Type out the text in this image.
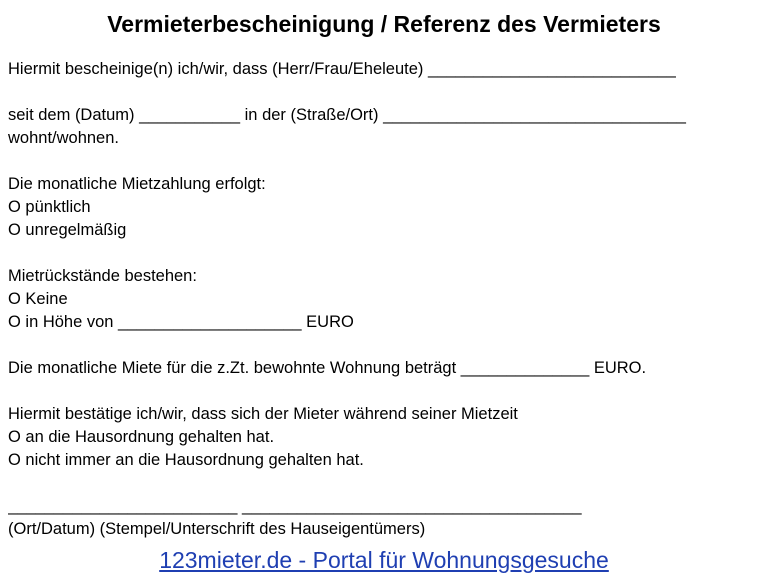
Vermieterbescheinigung / Referenz des Vermieters
Hiermit bescheinige(n) ich/wir, dass (Herr/Frau/Eheleute) ___________________________
seit dem (Datum) ___________ in der (Straße/Ort) _________________________________
wohnt/wohnen.
Die monatliche Mietzahlung erfolgt:
O pünktlich
O unregelmäßig
Mietrückstände bestehen:
O Keine
O in Höhe von ____________________ EURO
Die monatliche Miete für die z.Zt. bewohnte Wohnung beträgt ______________ EURO.
Hiermit bestätige ich/wir, dass sich der Mieter während seiner Mietzeit
O an die Hausordnung gehalten hat.
O nicht immer an die Hausordnung gehalten hat.
_________________________ _____________________________________
(Ort/Datum) (Stempel/Unterschrift des Hauseigentümers)
123mieter.de - Portal für Wohnungsgesuche
